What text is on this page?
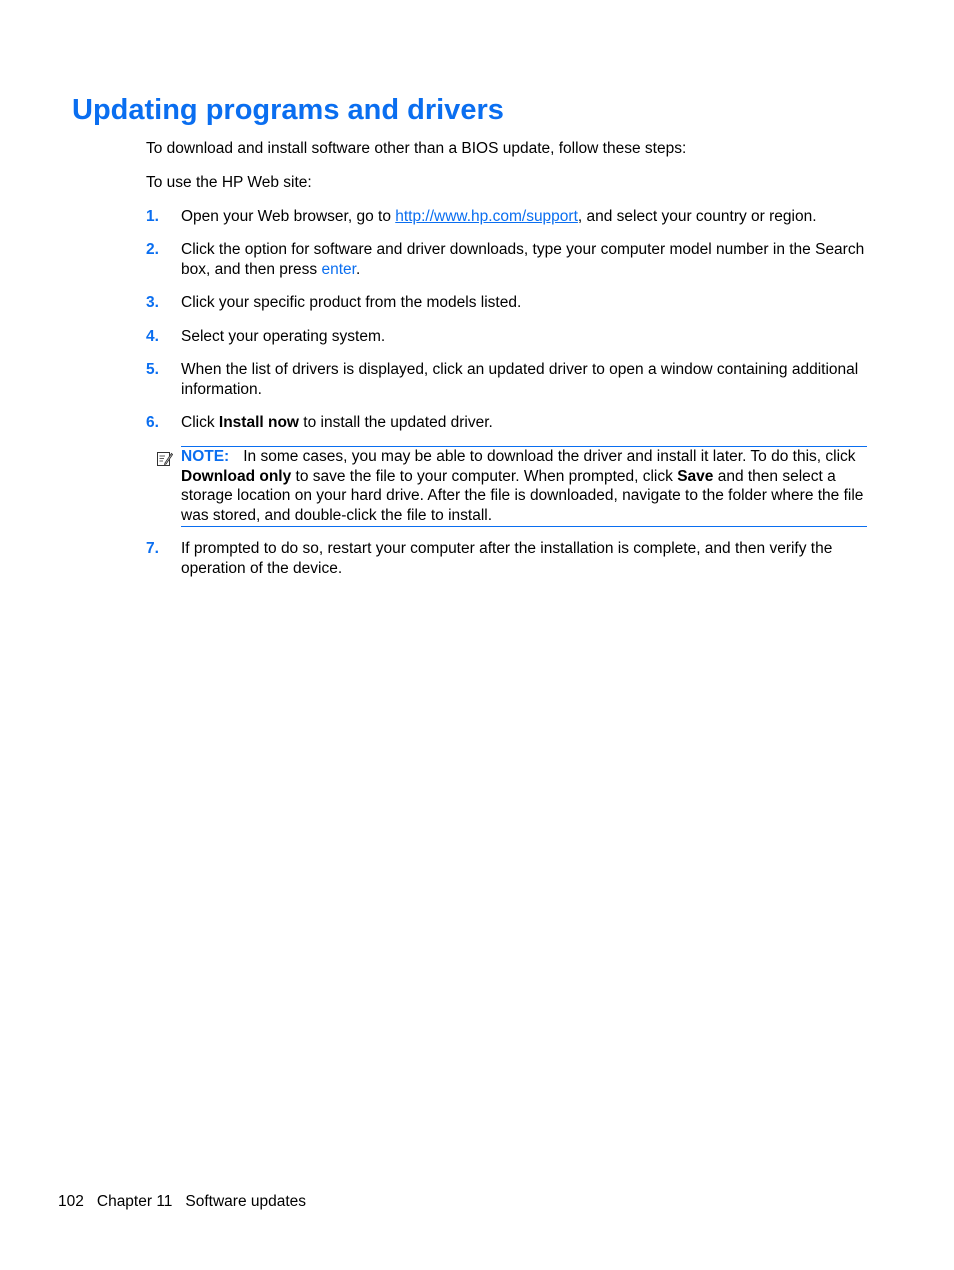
Updating programs and drivers

To download and install software other than a BIOS update, follow these steps:

To use the HP Web site:

1. Open your Web browser, go to http://www.hp.com/support, and select your country or region.
2. Click the option for software and driver downloads, type your computer model number in the Search box, and then press enter.
3. Click your specific product from the models listed.
4. Select your operating system.
5. When the list of drivers is displayed, click an updated driver to open a window containing additional information.
6. Click Install now to install the updated driver.

NOTE: In some cases, you may be able to download the driver and install it later. To do this, click Download only to save the file to your computer. When prompted, click Save and then select a storage location on your hard drive. After the file is downloaded, navigate to the folder where the file was stored, and double-click the file to install.

7. If prompted to do so, restart your computer after the installation is complete, and then verify the operation of the device.
102 Chapter 11 Software updates
